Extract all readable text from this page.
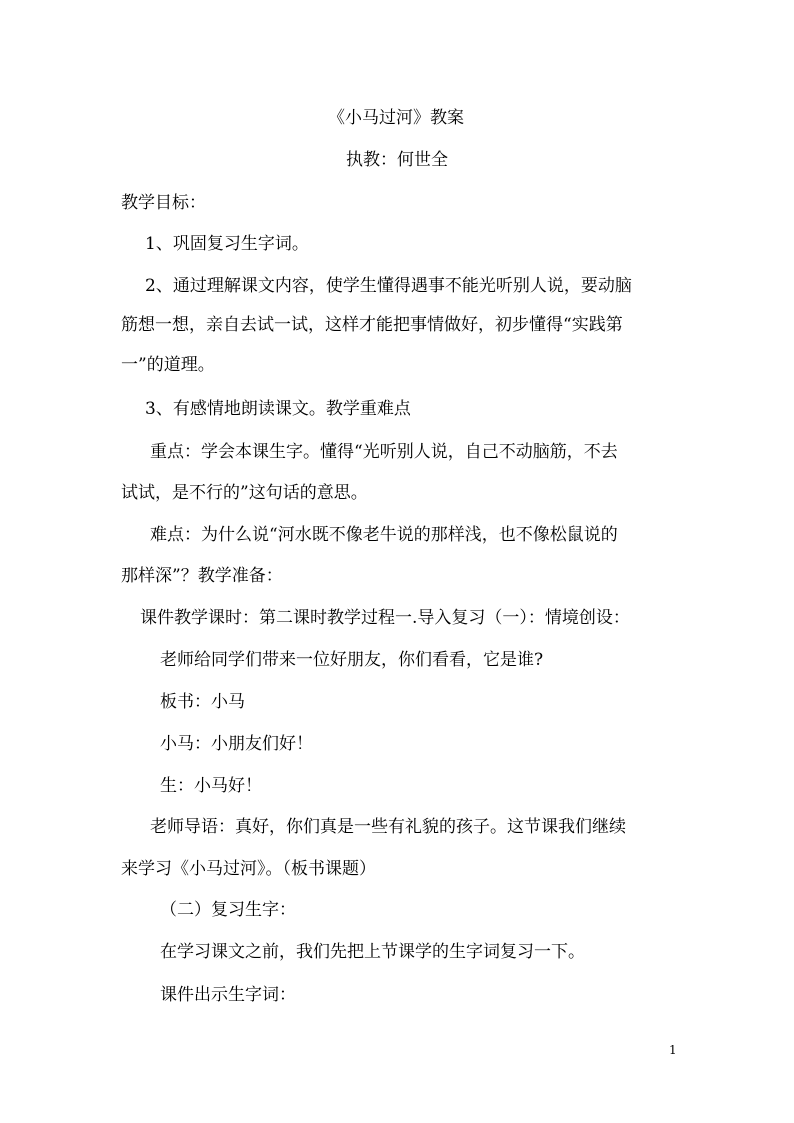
《小马过河》教案
执教：何世全
教学目标：
1、巩固复习生字词。
2、通过理解课文内容，使学生懂得遇事不能光听别人说，要动脑
筋想一想，亲自去试一试，这样才能把事情做好，初步懂得“实践第
一”的道理。
3、有感情地朗读课文。教学重难点
重点：学会本课生字。懂得“光听别人说，自己不动脑筋，不去
试试，是不行的”这句话的意思。
难点：为什么说“河水既不像老牛说的那样浅，也不像松鼠说的
那样深”？教学准备：
课件教学课时：第二课时教学过程一.导入复习（一）：情境创设：
老师给同学们带来一位好朋友，你们看看，它是谁?
板书：小马
小马：小朋友们好！
生：小马好！
老师导语：真好，你们真是一些有礼貌的孩子。这节课我们继续
来学习《小马过河》。（板书课题）
（二）复习生字：
在学习课文之前，我们先把上节课学的生字词复习一下。
课件出示生字词：
1
